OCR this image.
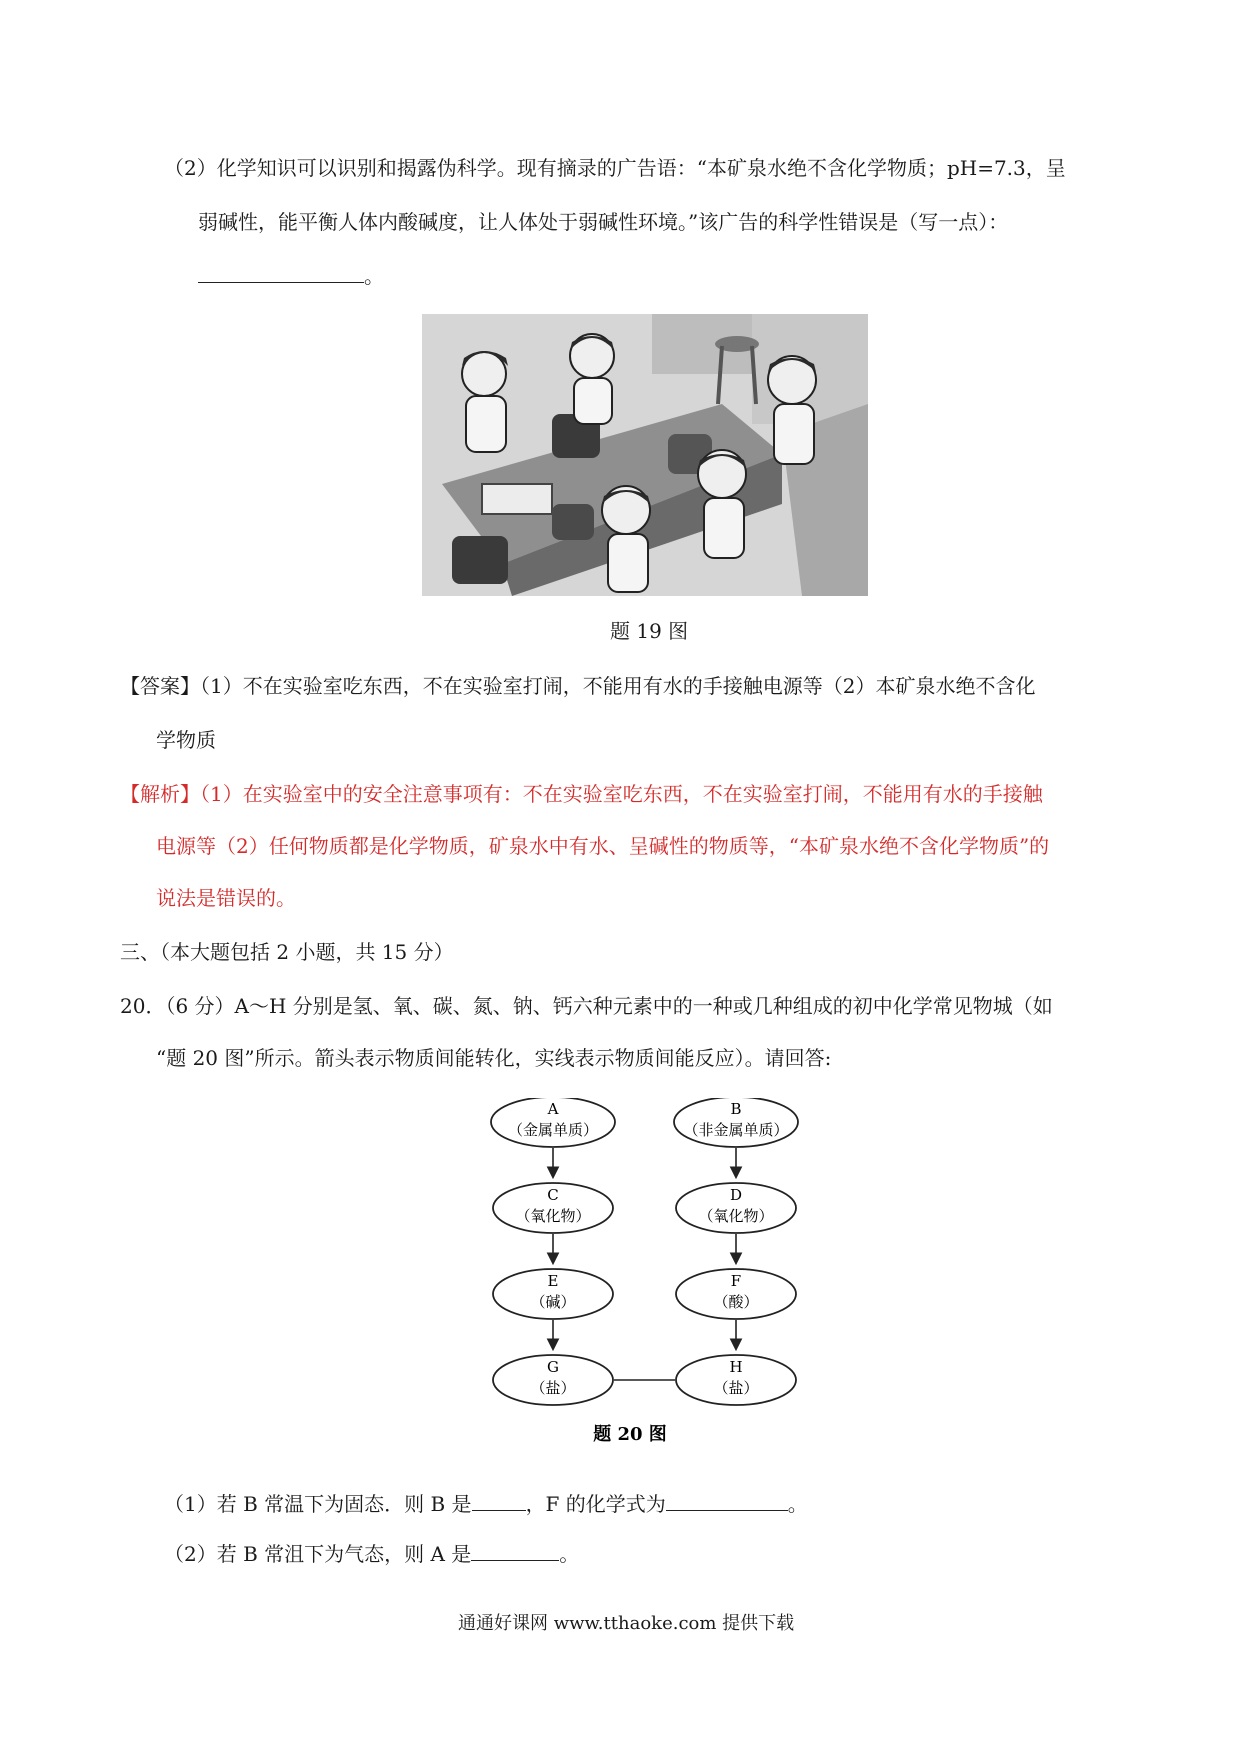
（2）化学知识可以识别和揭露伪科学。现有摘录的广告语：“本矿泉水绝不含化学物质；pH=7.3，呈
弱碱性，能平衡人体内酸碱度，让人体处于弱碱性环境。”该广告的科学性错误是（写一点）：
。
题 19 图
【答案】（1）不在实验室吃东西，不在实验室打闹，不能用有水的手接触电源等（2）本矿泉水绝不含化
学物质
【解析】（1）在实验室中的安全注意事项有：不在实验室吃东西，不在实验室打闹，不能用有水的手接触
电源等（2）任何物质都是化学物质，矿泉水中有水、呈碱性的物质等，“本矿泉水绝不含化学物质”的
说法是错误的。
三、（本大题包括 2 小题，共 15 分）
20．（6 分）A～H 分别是氢、氧、碳、氮、钠、钙六种元素中的一种或几种组成的初中化学常见物城（如
“题 20 图”所示。箭头表示物质间能转化，实线表示物质间能反应）。请回答:
A
（金属单质）
B
（非金属单质）
C
（氧化物）
D
（氧化物）
E
（碱）
F
（酸）
G
（盐）
H
（盐）
题 20 图
（1）若 B 常温下为固态．则 B 是	，F 的化学式为	。
（2）若 B 常沮下为气态，则 A 是	。
通通好课网 www.tthaoke.com 提供下载
